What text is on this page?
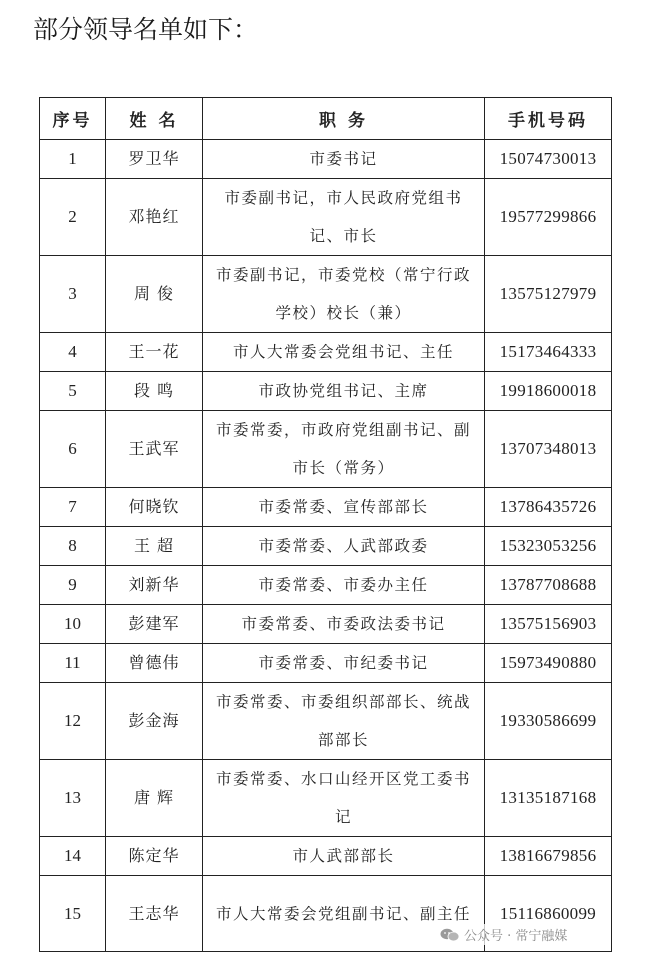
部分领导名单如下：
序号	姓 名	职 务	手机号码
1	罗卫华	市委书记	15074730013
2	邓艳红	市委副书记，市人民政府党组书记、市长	19577299866
3	周 俊	市委副书记，市委党校（常宁行政学校）校长（兼）	13575127979
4	王一花	市人大常委会党组书记、主任	15173464333
5	段 鸣	市政协党组书记、主席	19918600018
6	王武军	市委常委，市政府党组副书记、副市长（常务）	13707348013
7	何晓钦	市委常委、宣传部部长	13786435726
8	王 超	市委常委、人武部政委	15323053256
9	刘新华	市委常委、市委办主任	13787708688
10	彭建军	市委常委、市委政法委书记	13575156903
11	曾德伟	市委常委、市纪委书记	15973490880
12	彭金海	市委常委、市委组织部部长、统战部部长	19330586699
13	唐 辉	市委常委、水口山经开区党工委书记	13135187168
14	陈定华	市人武部部长	13816679856
15	王志华	市人大常委会党组副书记、副主任	15116860099
公众号 · 常宁融媒
